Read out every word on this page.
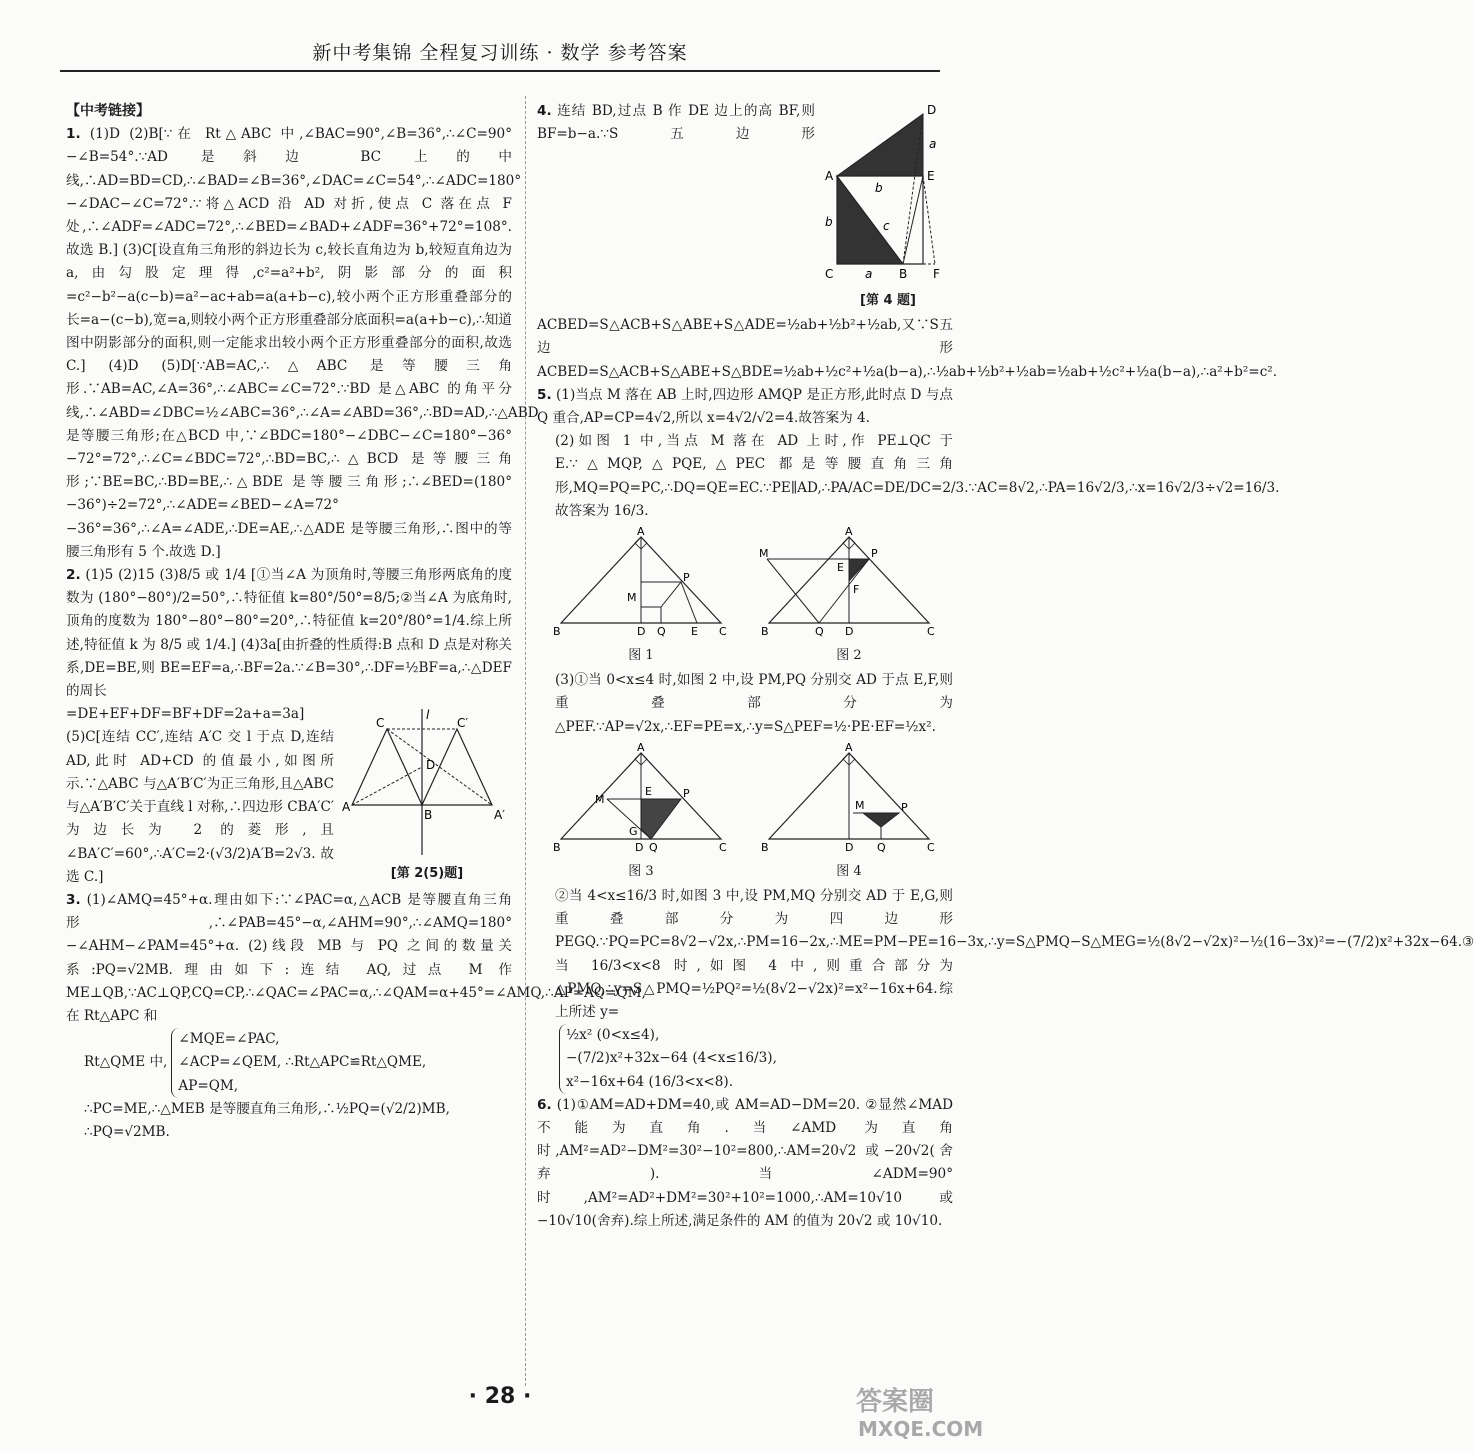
新中考集锦 全程复习训练 · 数学 参考答案
【中考链接】

1. (1)D (2)B[∵在 Rt△ABC 中,∠BAC=90°,∠B=36°,∴∠C=90°−∠B=54°.∵AD 是斜边 BC 上的中线,∴AD=BD=CD,∴∠BAD=∠B=36°,∠DAC=∠C=54°,∴∠ADC=180°−∠DAC−∠C=72°.∵将△ACD 沿 AD 对折,使点 C 落在点 F 处,∴∠ADF=∠ADC=72°,∴∠BED=∠BAD+∠ADF=36°+72°=108°.故选 B.] (3)C[设直角三角形的斜边长为 c,较长直角边为 b,较短直角边为 a,由勾股定理得,c²=a²+b²,阴影部分的面积=c²−b²−a(c−b)=a²−ac+ab=a(a+b−c),较小两个正方形重叠部分的长=a−(c−b),宽=a,则较小两个正方形重叠部分底面积=a(a+b−c),∴知道图中阴影部分的面积,则一定能求出较小两个正方形重叠部分的面积,故选 C.] (4)D (5)D[∵AB=AC,∴△ABC 是等腰三角形.∵AB=AC,∠A=36°,∴∠ABC=∠C=72°.∵BD 是△ABC 的角平分线,∴∠ABD=∠DBC=½∠ABC=36°,∴∠A=∠ABD=36°,∴BD=AD,∴△ABD 是等腰三角形;在△BCD 中,∵∠BDC=180°−∠DBC−∠C=180°−36°−72°=72°,∴∠C=∠BDC=72°,∴BD=BC,∴△BCD 是等腰三角形;∵BE=BC,∴BD=BE,∴△BDE 是等腰三角形;∴∠BED=(180°−36°)÷2=72°,∴∠ADE=∠BED−∠A=72°−36°=36°,∴∠A=∠ADE,∴DE=AE,∴△ADE 是等腰三角形,∴图中的等腰三角形有 5 个.故选 D.]

2. (1)5 (2)15 (3)8/5 或 1/4 [①当∠A 为顶角时,等腰三角形两底角的度数为 (180°−80°)/2=50°,∴特征值 k=80°/50°=8/5;②当∠A 为底角时,顶角的度数为 180°−80°−80°=20°,∴特征值 k=20°/80°=1/4.综上所述,特征值 k 为 8/5 或 1/4.] (4)3a[由折叠的性质得:B 点和 D 点是对称关系,DE=BE,则 BE=EF=a,∴BF=2a.∵∠B=30°,∴DF=½BF=a,∴△DEF 的周长

l
C	C′
D
A
B	A′
[第 2(5)题]

=DE+EF+DF=BF+DF=2a+a=3a] (5)C[连结 CC′,连结 A′C 交 l 于点 D,连结 AD,此时 AD+CD 的值最小,如图所示.∵△ABC 与△A′B′C′为正三角形,且△ABC 与△A′B′C′关于直线 l 对称,∴四边形 CBA′C′为边长为 2 的菱形,且∠BA′C′=60°,∴A′C=2·(√3/2)A′B=2√3.故选 C.]

3. (1)∠AMQ=45°+α.理由如下:∵∠PAC=α,△ACB 是等腰直角三角形,∴∠PAB=45°−α,∠AHM=90°,∴∠AMQ=180°−∠AHM−∠PAM=45°+α. (2)线段 MB 与 PQ 之间的数量关系:PQ=√2MB.理由如下:连结 AQ,过点 M 作 ME⊥QB,∵AC⊥QP,CQ=CP,∴∠QAC=∠PAC=α,∴∠QAM=α+45°=∠AMQ,∴AP=AQ=QM,在 Rt△APC 和

Rt△QME 中,
∠MQE=∠PAC,
∠ACP=∠QEM,
AP=QM,
∴Rt△APC≌Rt△QME,

∴PC=ME,∴△MEB 是等腰直角三角形,∴½PQ=(√2/2)MB,

∴PQ=√2MB.

D
a
c
A	E
b
c
b
C	a B F
[第 4 题]

4. 连结 BD,过点 B 作 DE 边上的高 BF,则 BF=b−a.∵S五边形ACBED=S△ACB+S△ABE+S△ADE=½ab+½b²+½ab,又∵S五边形ACBED=S△ACB+S△ABE+S△BDE=½ab+½c²+½a(b−a),∴½ab+½b²+½ab=½ab+½c²+½a(b−a),∴a²+b²=c².

5. (1)当点 M 落在 AB 上时,四边形 AMQP 是正方形,此时点 D 与点 Q 重合,AP=CP=4√2,所以 x=4√2/√2=4.故答案为 4.

(2)如图 1 中,当点 M 落在 AD 上时,作 PE⊥QC 于 E.∵△MQP,△PQE,△PEC 都是等腰直角三角形,MQ=PQ=PC,∴DQ=QE=EC.∵PE∥AD,∴PA/AC=DE/DC=2/3.∵AC=8√2,∴PA=16√2/3,∴x=16√2/3÷√2=16/3.故答案为 16/3.

A
M
P
B	D Q E C
图 1
A
M
E
P
F
B	Q D	C
图 2

(3)①当 0<x≤4 时,如图 2 中,设 PM,PQ 分别交 AD 于点 E,F,则重叠部分为△PEF.∵AP=√2x,∴EF=PE=x,∴y=S△PEF=½·PE·EF=½x².

A
M
E	P
B
G
D Q	C
图 3
A
M	P
B	D Q	C
图 4

②当 4<x≤16/3 时,如图 3 中,设 PM,MQ 分别交 AD 于 E,G,则重叠部分为四边形 PEGQ.∵PQ=PC=8√2−√2x,∴PM=16−2x,∴ME=PM−PE=16−3x,∴y=S△PMQ−S△MEG=½(8√2−√2x)²−½(16−3x)²=−(7/2)x²+32x−64.③当 16/3<x<8 时,如图 4 中,则重合部分为△PMQ,∴y=S△PMQ=½PQ²=½(8√2−√2x)²=x²−16x+64.综上所述 y=

½x² (0<x≤4),
−(7/2)x²+32x−64 (4<x≤16/3),
x²−16x+64 (16/3<x<8).

6. (1)①AM=AD+DM=40,或 AM=AD−DM=20. ②显然∠MAD 不能为直角.当∠AMD 为直角时,AM²=AD²−DM²=30²−10²=800,∴AM=20√2 或−20√2(舍弃).当∠ADM=90°时,AM²=AD²+DM²=30²+10²=1000,∴AM=10√10 或−10√10(舍弃).综上所述,满足条件的 AM 的值为 20√2 或 10√10.

· 28 ·	答案圈
MXQE.COM
